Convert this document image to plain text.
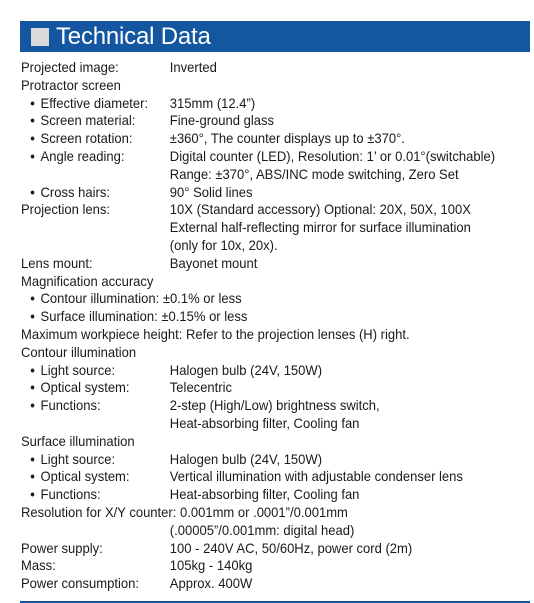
Technical Data
Projected image:	Inverted
Protractor screen
• Effective diameter: 315mm (12.4”)
• Screen material: Fine-ground glass
• Screen rotation:	±360°, The counter displays up to ±370°.
• Angle reading:	Digital counter (LED), Resolution: 1’ or 0.01°(switchable)
Range: ±370°, ABS/INC mode switching, Zero Set
• Cross hairs:	90° Solid lines
Projection lens:	10X (Standard accessory) Optional: 20X, 50X, 100X
External half-reflecting mirror for surface illumination
(only for 10x, 20x).
Lens mount:	Bayonet mount
Magnification accuracy
• Contour illumination: ±0.1% or less
• Surface illumination: ±0.15% or less
Maximum workpiece height: Refer to the projection lenses (H) right.
Contour illumination
• Light source:	Halogen bulb (24V, 150W)
• Optical system:	Telecentric
• Functions:	2-step (High/Low) brightness switch,
Heat-absorbing filter, Cooling fan
Surface illumination
• Light source:	Halogen bulb (24V, 150W)
• Optical system:	Vertical illumination with adjustable condenser lens
• Functions:	Heat-absorbing filter, Cooling fan
Resolution for X/Y counter: 0.001mm or .0001”/0.001mm
(.00005”/0.001mm: digital head)
Power supply:	100 - 240V AC, 50/60Hz, power cord (2m)
Mass:	105kg - 140kg
Power consumption: Approx. 400W
